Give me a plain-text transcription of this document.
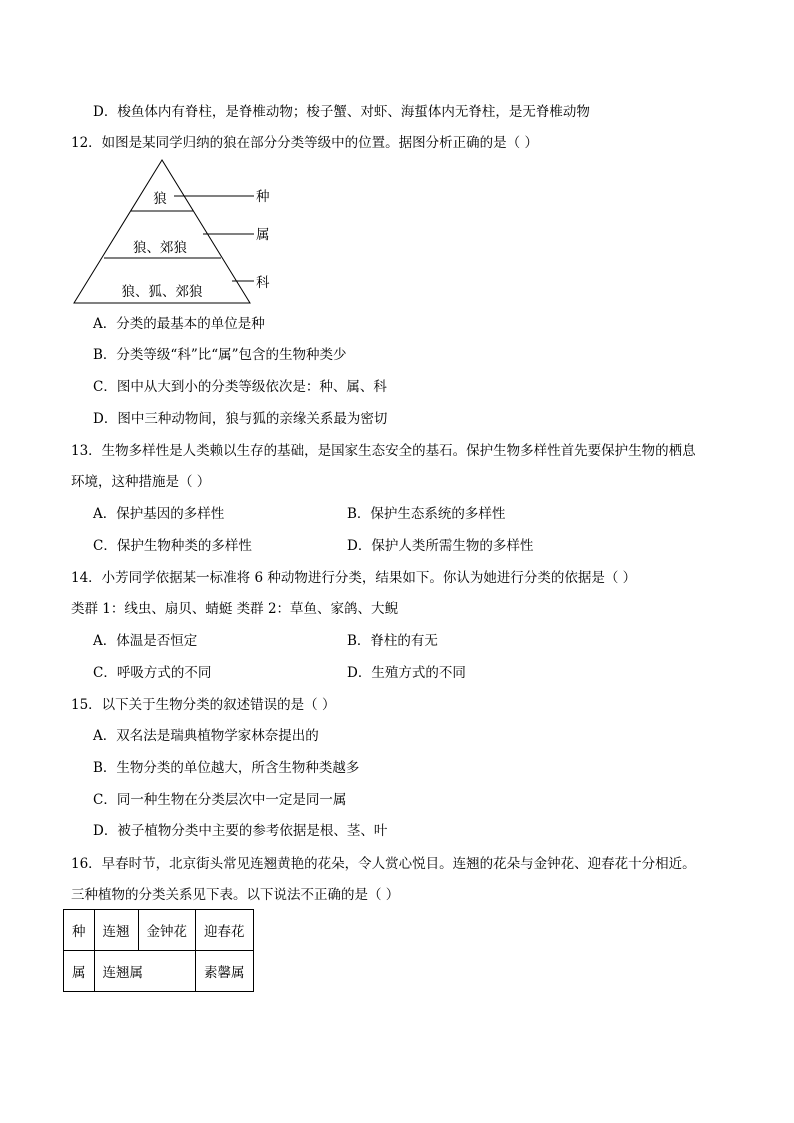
D．梭鱼体内有脊柱，是脊椎动物；梭子蟹、对虾、海蜇体内无脊柱，是无脊椎动物
12．如图是某同学归纳的狼在部分分类等级中的位置。据图分析正确的是（ ）
狼
狼、郊狼
狼、狐、郊狼
种
属
科
A．分类的最基本的单位是种
B．分类等级“科”比“属”包含的生物种类少
C．图中从大到小的分类等级依次是：种、属、科
D．图中三种动物间，狼与狐的亲缘关系最为密切
13．生物多样性是人类赖以生存的基础，是国家生态安全的基石。保护生物多样性首先要保护生物的栖息
环境，这种措施是（ ）
A．保护基因的多样性	B．保护生态系统的多样性
C．保护生物种类的多样性	D．保护人类所需生物的多样性
14．小芳同学依据某一标准将 6 种动物进行分类，结果如下。你认为她进行分类的依据是（ ）
类群 1：线虫、扇贝、蜻蜓 类群 2：草鱼、家鸽、大鲵
A．体温是否恒定	B．脊柱的有无
C．呼吸方式的不同	D．生殖方式的不同
15．以下关于生物分类的叙述错误的是（ ）
A．双名法是瑞典植物学家林奈提出的
B．生物分类的单位越大，所含生物种类越多
C．同一种生物在分类层次中一定是同一属
D．被子植物分类中主要的参考依据是根、茎、叶
16．早春时节，北京街头常见连翘黄艳的花朵，令人赏心悦目。连翘的花朵与金钟花、迎春花十分相近。
三种植物的分类关系见下表。以下说法不正确的是（ ）
种	连翘	金钟花	迎春花
属	连翘属		素馨属
